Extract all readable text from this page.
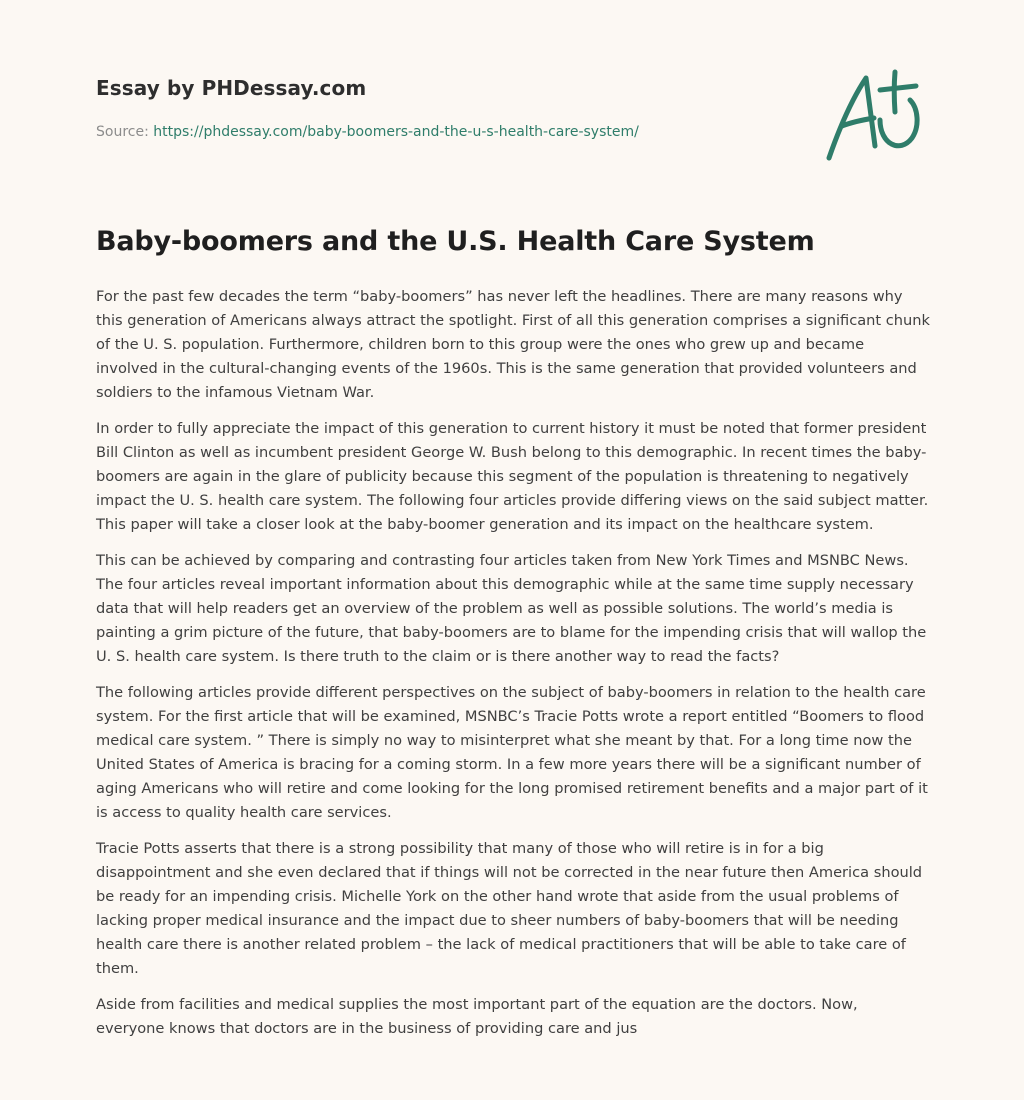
Essay by PHDessay.com
Source: https://phdessay.com/baby-boomers-and-the-u-s-health-care-system/
Baby-boomers and the U.S. Health Care System

For the past few decades the term “baby-boomers” has never left the headlines. There are many reasons why this generation of Americans always attract the spotlight. First of all this generation comprises a significant chunk of the U. S. population. Furthermore, children born to this group were the ones who grew up and became involved in the cultural-changing events of the 1960s. This is the same generation that provided volunteers and soldiers to the infamous Vietnam War.

In order to fully appreciate the impact of this generation to current history it must be noted that former president Bill Clinton as well as incumbent president George W. Bush belong to this demographic. In recent times the baby-boomers are again in the glare of publicity because this segment of the population is threatening to negatively impact the U. S. health care system. The following four articles provide differing views on the said subject matter. This paper will take a closer look at the baby-boomer generation and its impact on the healthcare system.

This can be achieved by comparing and contrasting four articles taken from New York Times and MSNBC News. The four articles reveal important information about this demographic while at the same time supply necessary data that will help readers get an overview of the problem as well as possible solutions. The world’s media is painting a grim picture of the future, that baby-boomers are to blame for the impending crisis that will wallop the U. S. health care system. Is there truth to the claim or is there another way to read the facts?

The following articles provide different perspectives on the subject of baby-boomers in relation to the health care system. For the first article that will be examined, MSNBC’s Tracie Potts wrote a report entitled “Boomers to flood medical care system. ” There is simply no way to misinterpret what she meant by that. For a long time now the United States of America is bracing for a coming storm. In a few more years there will be a significant number of aging Americans who will retire and come looking for the long promised retirement benefits and a major part of it is access to quality health care services.

Tracie Potts asserts that there is a strong possibility that many of those who will retire is in for a big disappointment and she even declared that if things will not be corrected in the near future then America should be ready for an impending crisis. Michelle York on the other hand wrote that aside from the usual problems of lacking proper medical insurance and the impact due to sheer numbers of baby-boomers that will be needing health care there is another related problem – the lack of medical practitioners that will be able to take care of them.

Aside from facilities and medical supplies the most important part of the equation are the doctors. Now, everyone knows that doctors are in the business of providing care and jus
